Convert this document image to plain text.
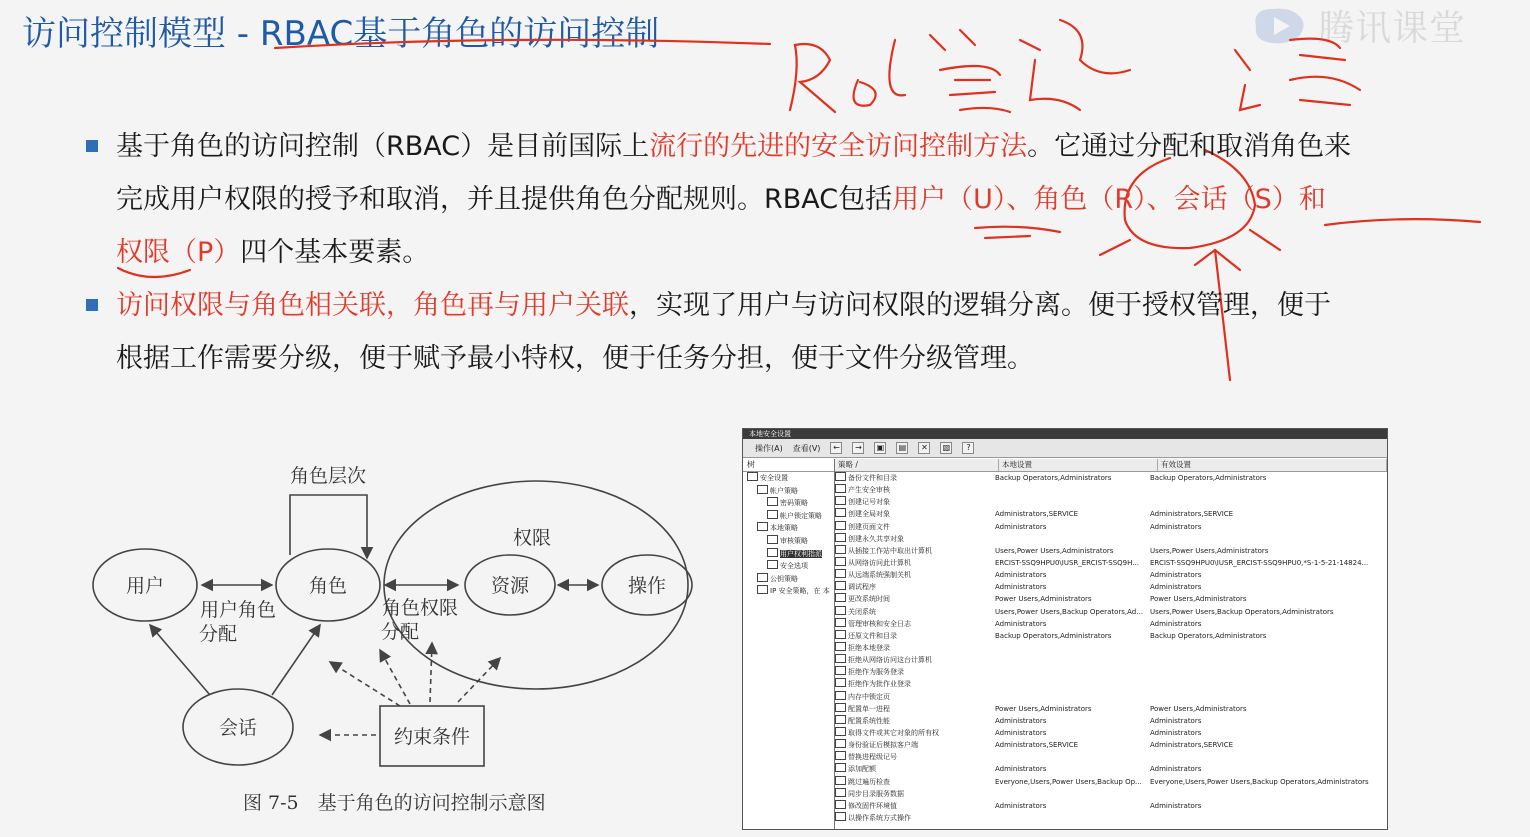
访问控制模型 - RBAC基于角色的访问控制	腾讯课堂
基于角色的访问控制（RBAC）是目前国际上流行的先进的安全访问控制方法。它通过分配和取消角色来
完成用户权限的授予和取消，并且提供角色分配规则。RBAC包括用户（U）、角色（R）、会话（S）和
权限（P）四个基本要素。
访问权限与角色相关联，角色再与用户关联，实现了用户与访问权限的逻辑分离。便于授权管理，便于
根据工作需要分级，便于赋予最小特权，便于任务分担，便于文件分级管理。
用户	角色
角色层次
权限
资源	操作
会话	约束条件
用户角色
分配
角色权限
分配
图 7-5　基于角色的访问控制示意图
本地安全设置
操作(A) 查看(V)	←	→	▣ ▤	✕	▧	?
树
安全设置
帐户策略
密码策略
帐户锁定策略
本地策略
审核策略
用户权利指派
安全选项
公钥策略
IP 安全策略，在 本
策略 /	本地设置	有效设置
备份文件和目录	Backup Operators,Administrators	Backup Operators,Administrators
产生安全审核
创建记号对象
创建全局对象	Administrators,SERVICE	Administrators,SERVICE
创建页面文件	Administrators	Administrators
创建永久共享对象
从插接工作站中取出计算机	Users,Power Users,Administrators	Users,Power Users,Administrators
从网络访问此计算机	ERCIST-SSQ9HPU0\IUSR_ERCIST-SSQ9H...	ERCIST-SSQ9HPU0\IUSR_ERCIST-SSQ9HPU0,*S-1-5-21-14824...
从远端系统强制关机	Administrators	Administrators
调试程序	Administrators	Administrators
更改系统时间	Power Users,Administrators	Power Users,Administrators
关闭系统	Users,Power Users,Backup Operators,Ad...	Users,Power Users,Backup Operators,Administrators
管理审核和安全日志	Administrators	Administrators
还原文件和目录	Backup Operators,Administrators	Backup Operators,Administrators
拒绝本地登录
拒绝从网络访问这台计算机
拒绝作为服务登录
拒绝作为批作业登录
内存中锁定页
配置单一进程	Power Users,Administrators	Power Users,Administrators
配置系统性能	Administrators	Administrators
取得文件或其它对象的所有权	Administrators	Administrators
身份验证后模拟客户端	Administrators,SERVICE	Administrators,SERVICE
替换进程级记号
添加配额	Administrators	Administrators
跳过遍历检查	Everyone,Users,Power Users,Backup Op...	Everyone,Users,Power Users,Backup Operators,Administrators
同步目录服务数据
修改固件环境值	Administrators	Administrators
以操作系统方式操作
